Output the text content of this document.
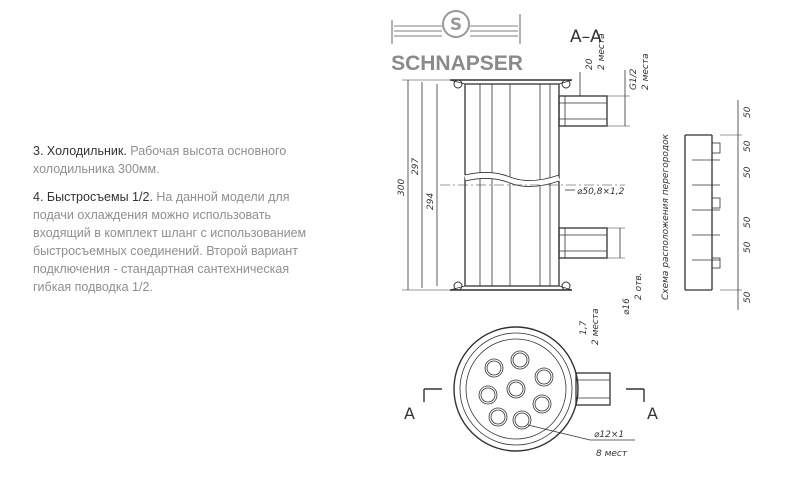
3. Холодильник. Рабочая высота основного холодильника 300мм.

4. Быстросъемы 1/2. На данной модели для подачи охлаждения можно использовать входящий в комплект шланг с использованием быстросъемных соединений. Второй вариант подключения - стандартная сантехническая гибкая подводка 1/2.

S
SCHNAPSER
A–A
300
297
294
20 2 места
G1/2 2 места
⌀50,8×1,2
⌀16
2 отв.
1,7 2 места
Схема расположения перегородок
50
50
50
50
50
50
⌀12×1
8 мест
A	A
